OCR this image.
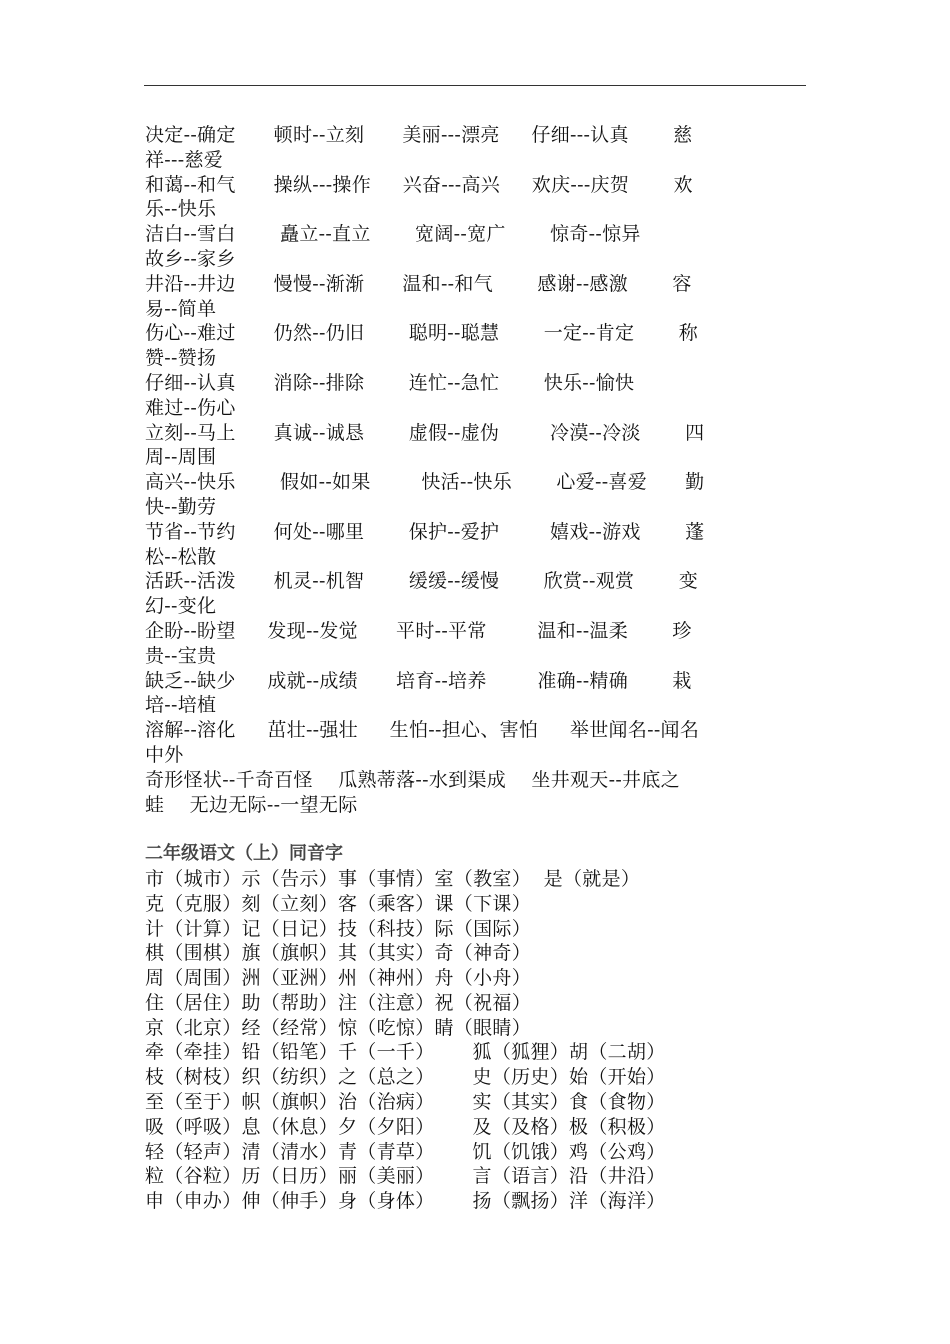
决定--确定      顿时--立刻      美丽---漂亮     仔细---认真       慈
祥---慈爱
和蔼--和气      操纵---操作     兴奋---高兴     欢庆---庆贺       欢
乐--快乐
洁白--雪白       矗立--直立       宽阔--宽广       惊奇--惊异
故乡--家乡
井沿--井边      慢慢--渐渐      温和--和气       感谢--感激       容
易--简单
伤心--难过      仍然--仍旧       聪明--聪慧       一定--肯定       称
赞--赞扬
仔细--认真      消除--排除       连忙--急忙       快乐--愉快
难过--伤心
立刻--马上      真诚--诚恳       虚假--虚伪        冷漠--冷淡       四
周--周围
高兴--快乐       假如--如果        快活--快乐       心爱--喜爱      勤
快--勤劳
节省--节约      何处--哪里       保护--爱护        嬉戏--游戏       蓬
松--松散
活跃--活泼      机灵--机智       缓缓--缓慢       欣赏--观赏       变
幻--变化
企盼--盼望     发现--发觉      平时--平常        温和--温柔       珍
贵--宝贵
缺乏--缺少     成就--成绩      培育--培养        准确--精确       栽
培--培植
溶解--溶化     茁壮--强壮     生怕--担心、害怕     举世闻名--闻名
中外
奇形怪状--千奇百怪    瓜熟蒂落--水到渠成    坐井观天--井底之
蛙    无边无际--一望无际
二年级语文（上）同音字
市（城市）示（告示）事（事情）室（教室）  是（就是）
克（克服）刻（立刻）客（乘客）课（下课）
计（计算）记（日记）技（科技）际（国际）
棋（围棋）旗（旗帜）其（其实）奇（神奇）
周（周围）洲（亚洲）州（神州）舟（小舟）
住（居住）助（帮助）注（注意）祝（祝福）
京（北京）经（经常）惊（吃惊）睛（眼睛）
牵（牵挂）铅（铅笔）千（一千）      狐（狐狸）胡（二胡）
枝（树枝）织（纺织）之（总之）      史（历史）始（开始）
至（至于）帜（旗帜）治（治病）      实（其实）食（食物）
吸（呼吸）息（休息）夕（夕阳）      及（及格）极（积极）
轻（轻声）清（清水）青（青草）      饥（饥饿）鸡（公鸡）
粒（谷粒）历（日历）丽（美丽）      言（语言）沿（井沿）
申（申办）伸（伸手）身（身体）      扬（飘扬）洋（海洋）
